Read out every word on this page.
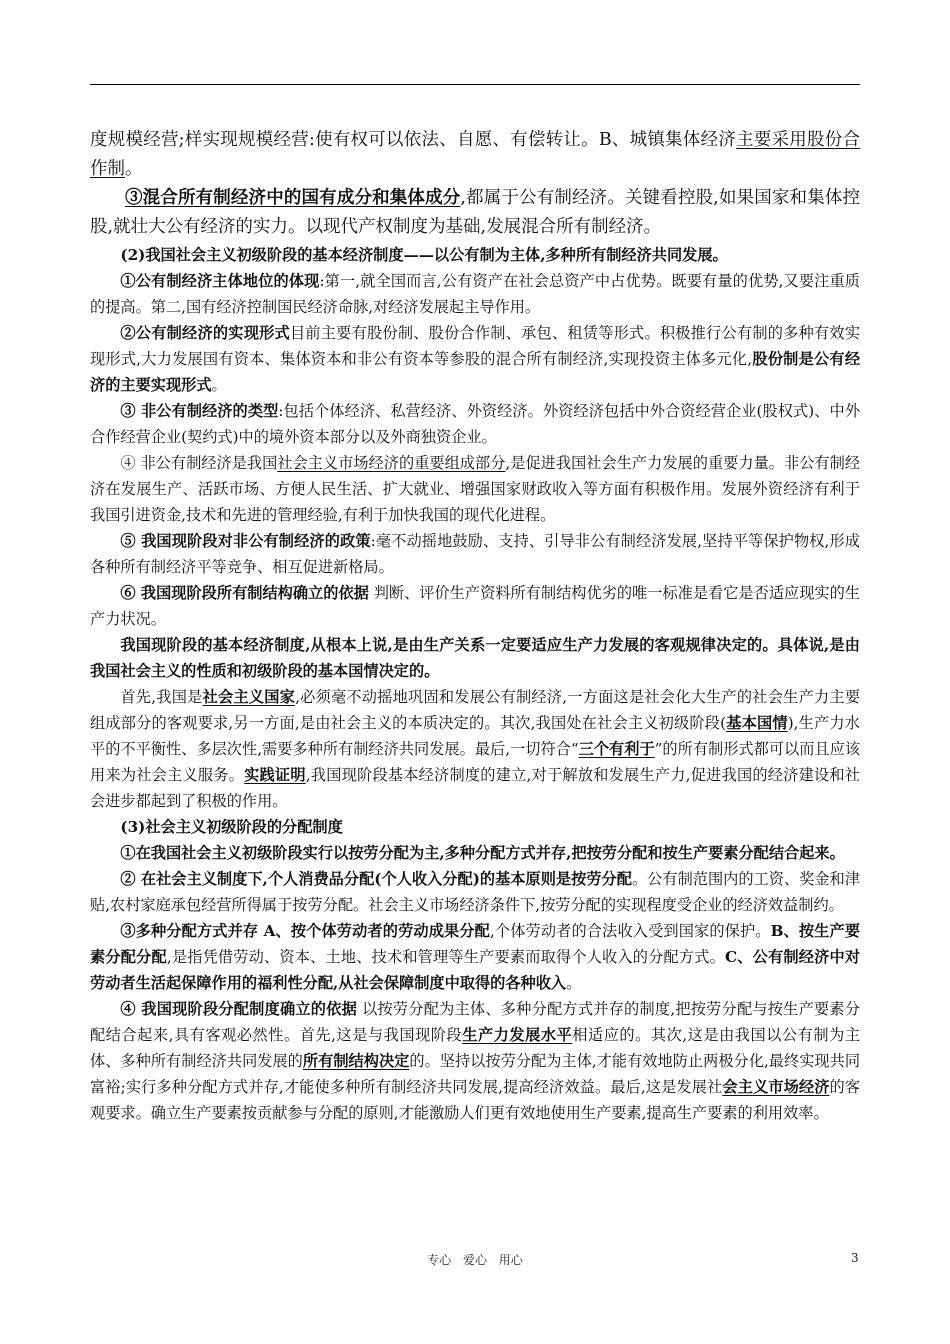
度规模经营;样实现规模经营:使有权可以依法、自愿、有偿转让。B、城镇集体经济主要采用股份合作制。

③混合所有制经济中的国有成分和集体成分,都属于公有制经济。关键看控股,如果国家和集体控股,就壮大公有经济的实力。以现代产权制度为基础,发展混合所有制经济。

(2)我国社会主义初级阶段的基本经济制度——以公有制为主体,多种所有制经济共同发展。

①公有制经济主体地位的体现:第一,就全国而言,公有资产在社会总资产中占优势。既要有量的优势,又要注重质的提高。第二,国有经济控制国民经济命脉,对经济发展起主导作用。

②公有制经济的实现形式目前主要有股份制、股份合作制、承包、租赁等形式。积极推行公有制的多种有效实现形式,大力发展国有资本、集体资本和非公有资本等参股的混合所有制经济,实现投资主体多元化,股份制是公有经济的主要实现形式。

③ 非公有制经济的类型:包括个体经济、私营经济、外资经济。外资经济包括中外合资经营企业(股权式)、中外合作经营企业(契约式)中的境外资本部分以及外商独资企业。

④ 非公有制经济是我国社会主义市场经济的重要组成部分,是促进我国社会生产力发展的重要力量。非公有制经济在发展生产、活跃市场、方便人民生活、扩大就业、增强国家财政收入等方面有积极作用。发展外资经济有利于我国引进资金,技术和先进的管理经验,有利于加快我国的现代化进程。

⑤ 我国现阶段对非公有制经济的政策:毫不动摇地鼓励、支持、引导非公有制经济发展,坚持平等保护物权,形成各种所有制经济平等竞争、相互促进新格局。

⑥ 我国现阶段所有制结构确立的依据 判断、评价生产资料所有制结构优劣的唯一标准是看它是否适应现实的生产力状况。

我国现阶段的基本经济制度,从根本上说,是由生产关系一定要适应生产力发展的客观规律决定的。具体说,是由我国社会主义的性质和初级阶段的基本国情决定的。

首先,我国是社会主义国家,必须毫不动摇地巩固和发展公有制经济,一方面这是社会化大生产的社会生产力主要组成部分的客观要求,另一方面,是由社会主义的本质决定的。其次,我国处在社会主义初级阶段(基本国情),生产力水平的不平衡性、多层次性,需要多种所有制经济共同发展。最后,一切符合“三个有利于”的所有制形式都可以而且应该用来为社会主义服务。实践证明,我国现阶段基本经济制度的建立,对于解放和发展生产力,促进我国的经济建设和社会进步都起到了积极的作用。

(3)社会主义初级阶段的分配制度

①在我国社会主义初级阶段实行以按劳分配为主,多种分配方式并存,把按劳分配和按生产要素分配结合起来。

② 在社会主义制度下,个人消费品分配(个人收入分配)的基本原则是按劳分配。公有制范围内的工资、奖金和津贴,农村家庭承包经营所得属于按劳分配。社会主义市场经济条件下,按劳分配的实现程度受企业的经济效益制约。

③多种分配方式并存 A、按个体劳动者的劳动成果分配,个体劳动者的合法收入受到国家的保护。B、按生产要素分配分配,是指凭借劳动、资本、土地、技术和管理等生产要素而取得个人收入的分配方式。C、公有制经济中对劳动者生活起保障作用的福利性分配,从社会保障制度中取得的各种收入。

④ 我国现阶段分配制度确立的依据 以按劳分配为主体、多种分配方式并存的制度,把按劳分配与按生产要素分配结合起来,具有客观必然性。首先,这是与我国现阶段生产力发展水平相适应的。其次,这是由我国以公有制为主体、多种所有制经济共同发展的所有制结构决定的。坚持以按劳分配为主体,才能有效地防止两极分化,最终实现共同富裕;实行多种分配方式并存,才能使多种所有制经济共同发展,提高经济效益。最后,这是发展社会主义市场经济的客观要求。确立生产要素按贡献参与分配的原则,才能激励人们更有效地使用生产要素,提高生产要素的利用效率。

专心 爱心 用心	3
